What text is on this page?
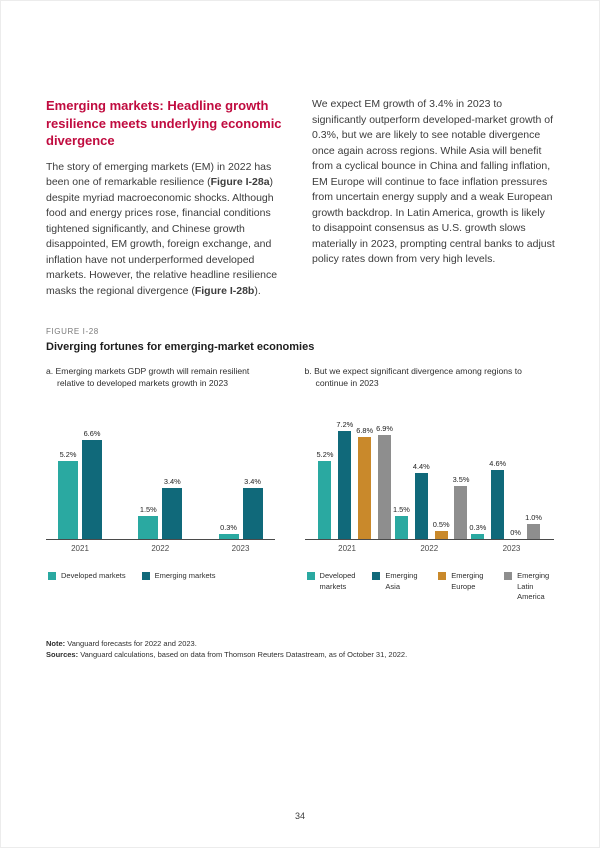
Emerging markets: Headline growth resilience meets underlying economic divergence

The story of emerging markets (EM) in 2022 has been one of remarkable resilience (Figure I-28a) despite myriad macroeconomic shocks. Although food and energy prices rose, financial conditions tightened significantly, and Chinese growth disappointed, EM growth, foreign exchange, and inflation have not underperformed developed markets. However, the relative headline resilience masks the regional divergence (Figure I-28b).

We expect EM growth of 3.4% in 2023 to significantly outperform developed-market growth of 0.3%, but we are likely to see notable divergence once again across regions. While Asia will benefit from a cyclical bounce in China and falling inflation, EM Europe will continue to face inflation pressures from uncertain energy supply and a weak European growth backdrop. In Latin America, growth is likely to disappoint consensus as U.S. growth slows materially in 2023, prompting central banks to adjust policy rates down from very high levels.

FIGURE I-28
Diverging fortunes for emerging-market economies
a. Emerging markets GDP growth will remain resilient relative to developed markets growth in 2023
5.2%
6.6%
1.5%
3.4%
0.3%
3.4%
2021	2022	2023
Developed markets	Emerging markets
b. But we expect significant divergence among regions to continue in 2023
5.2%
7.2%
6.8% 6.9%
1.5%
4.4%
0.5%
3.5%
0.3%
4.6%
0%
1.0%
2021	2022	2023
Developed markets
Emerging Asia
Emerging Europe
Emerging Latin America

Note: Vanguard forecasts for 2022 and 2023.

Sources: Vanguard calculations, based on data from Thomson Reuters Datastream, as of October 31, 2022.

34
